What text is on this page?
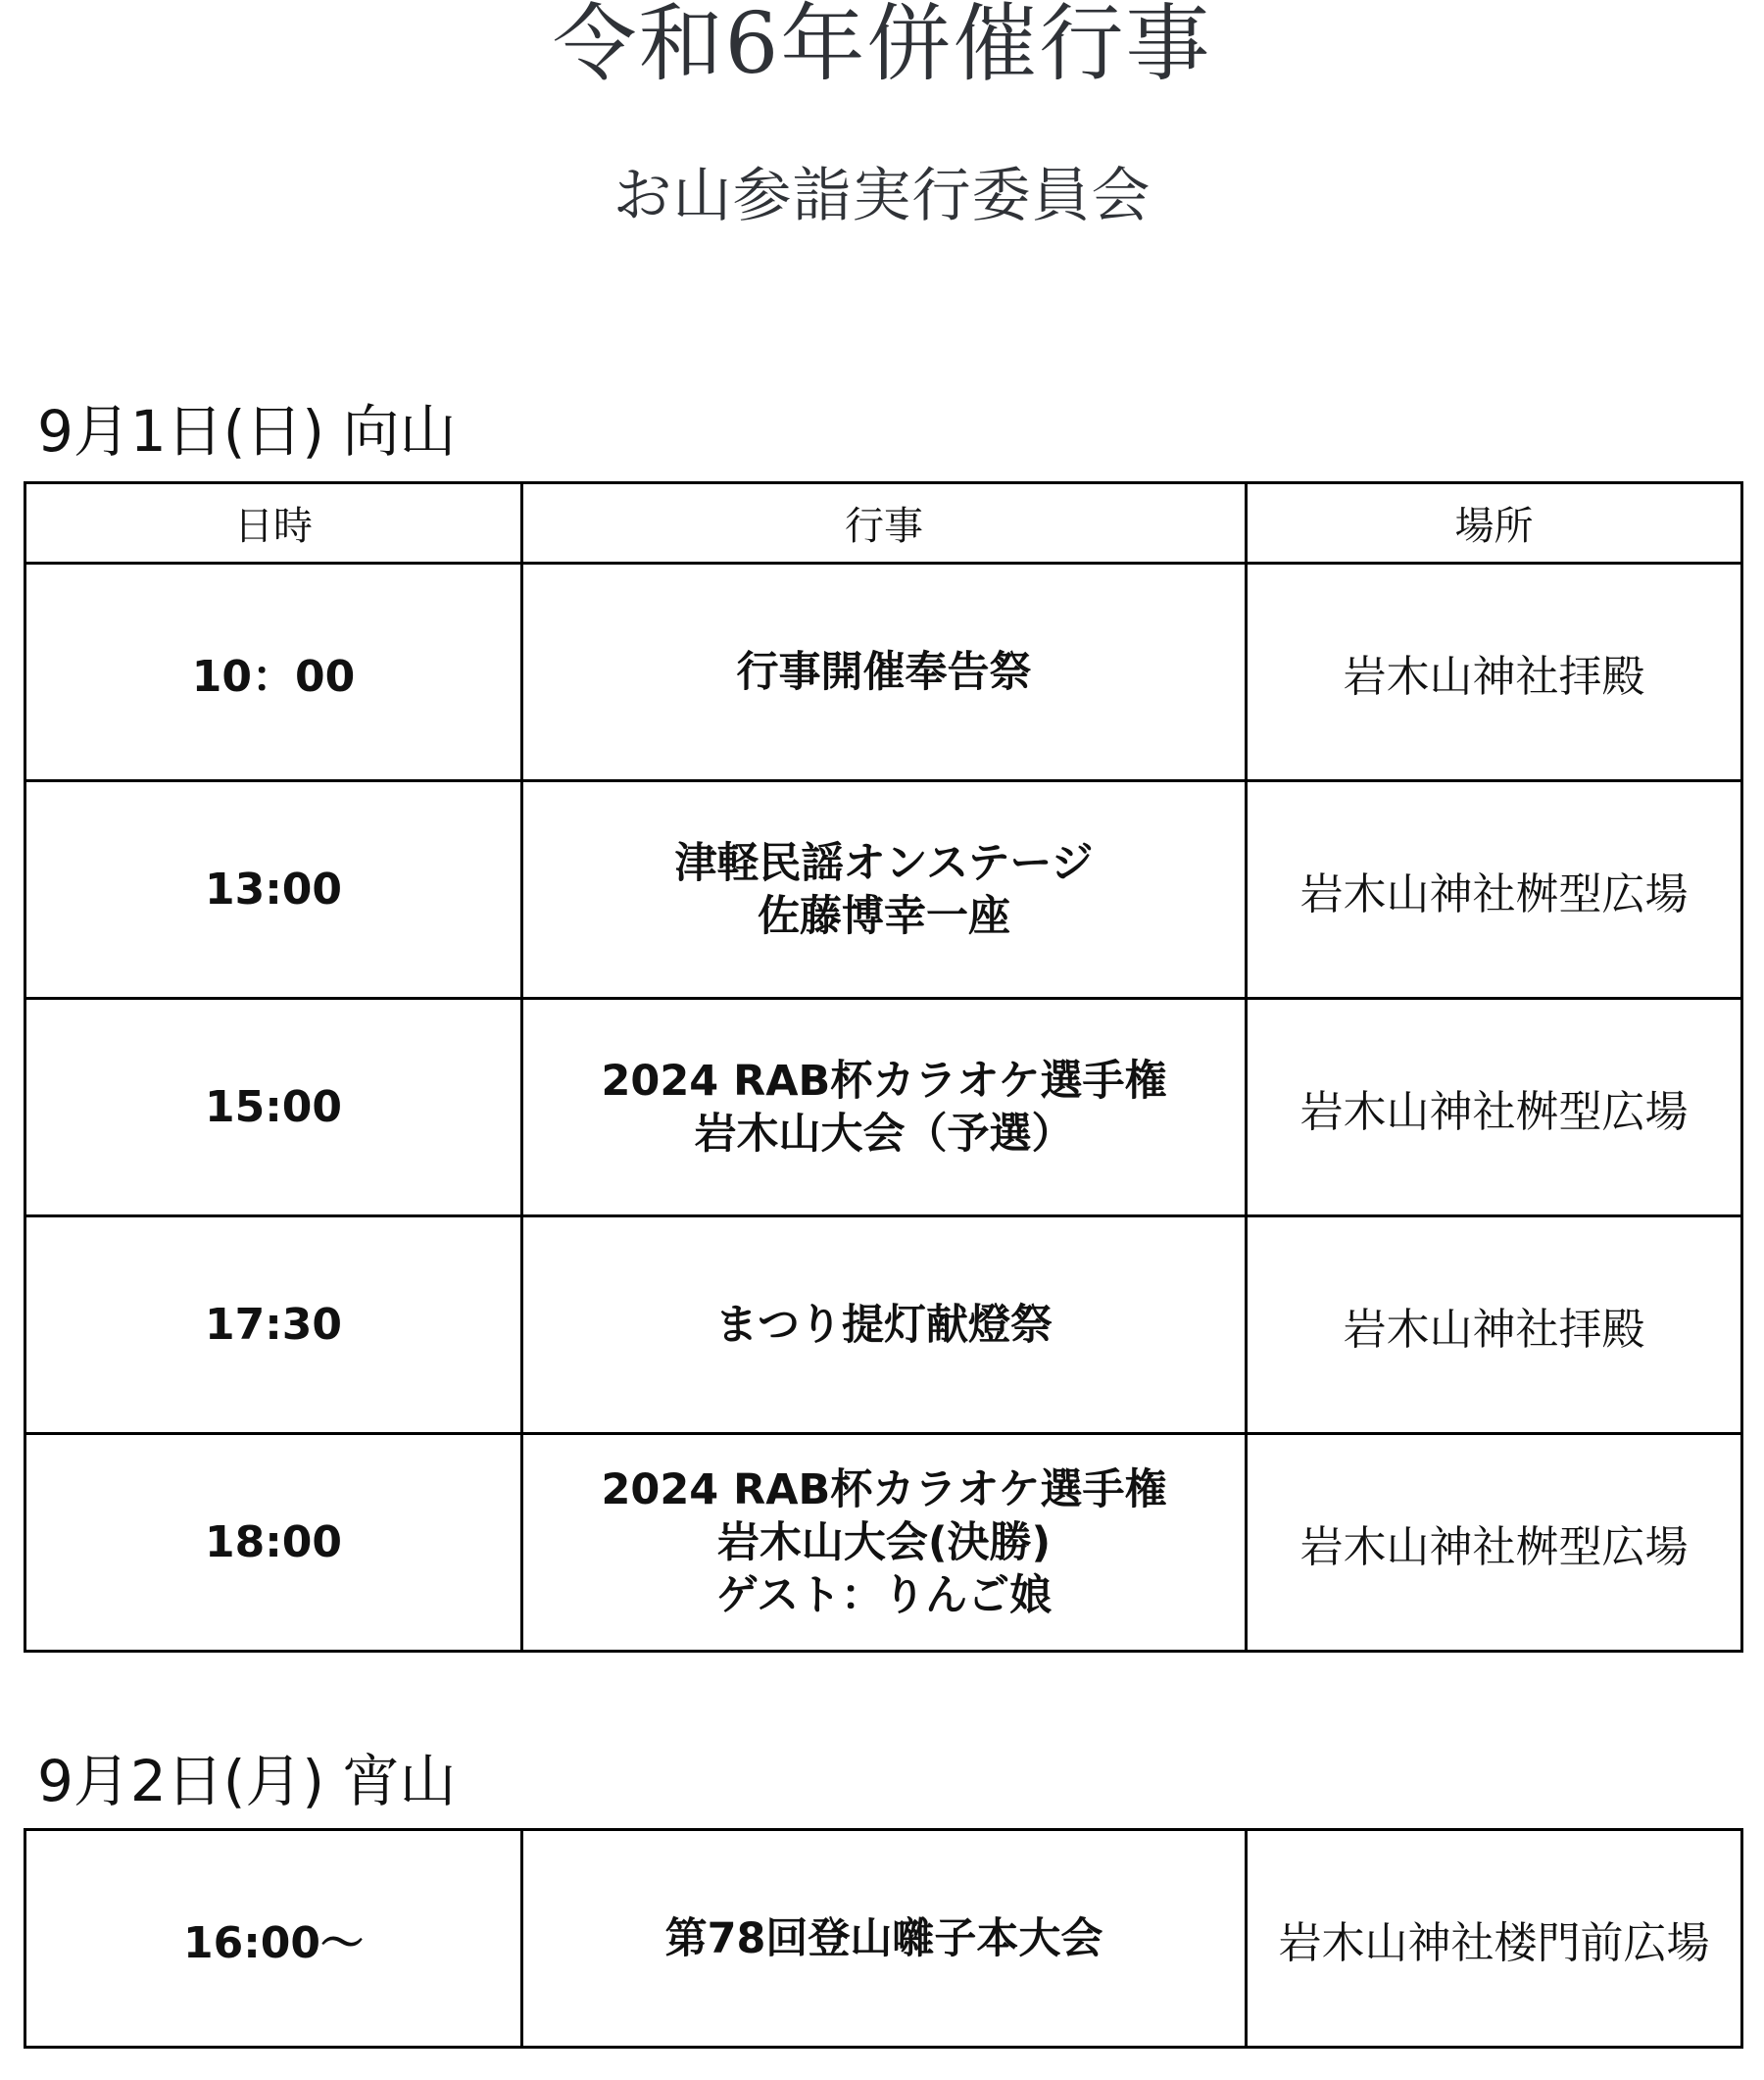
令和6年併催行事
お山参詣実行委員会
9月1日(日) 向山
日時	行事	場所
10：00	行事開催奉告祭	岩木山神社拝殿
13:00	津軽民謡オンステージ
佐藤博幸一座	岩木山神社桝型広場
15:00	2024 RAB杯カラオケ選手権
岩木山大会（予選）	岩木山神社桝型広場
17:30	まつり提灯献燈祭	岩木山神社拝殿
18:00	2024 RAB杯カラオケ選手権
岩木山大会(決勝)
ゲスト：りんご娘	岩木山神社桝型広場
9月2日(月) 宵山
16:00〜	第78回登山囃子本大会	岩木山神社楼門前広場
